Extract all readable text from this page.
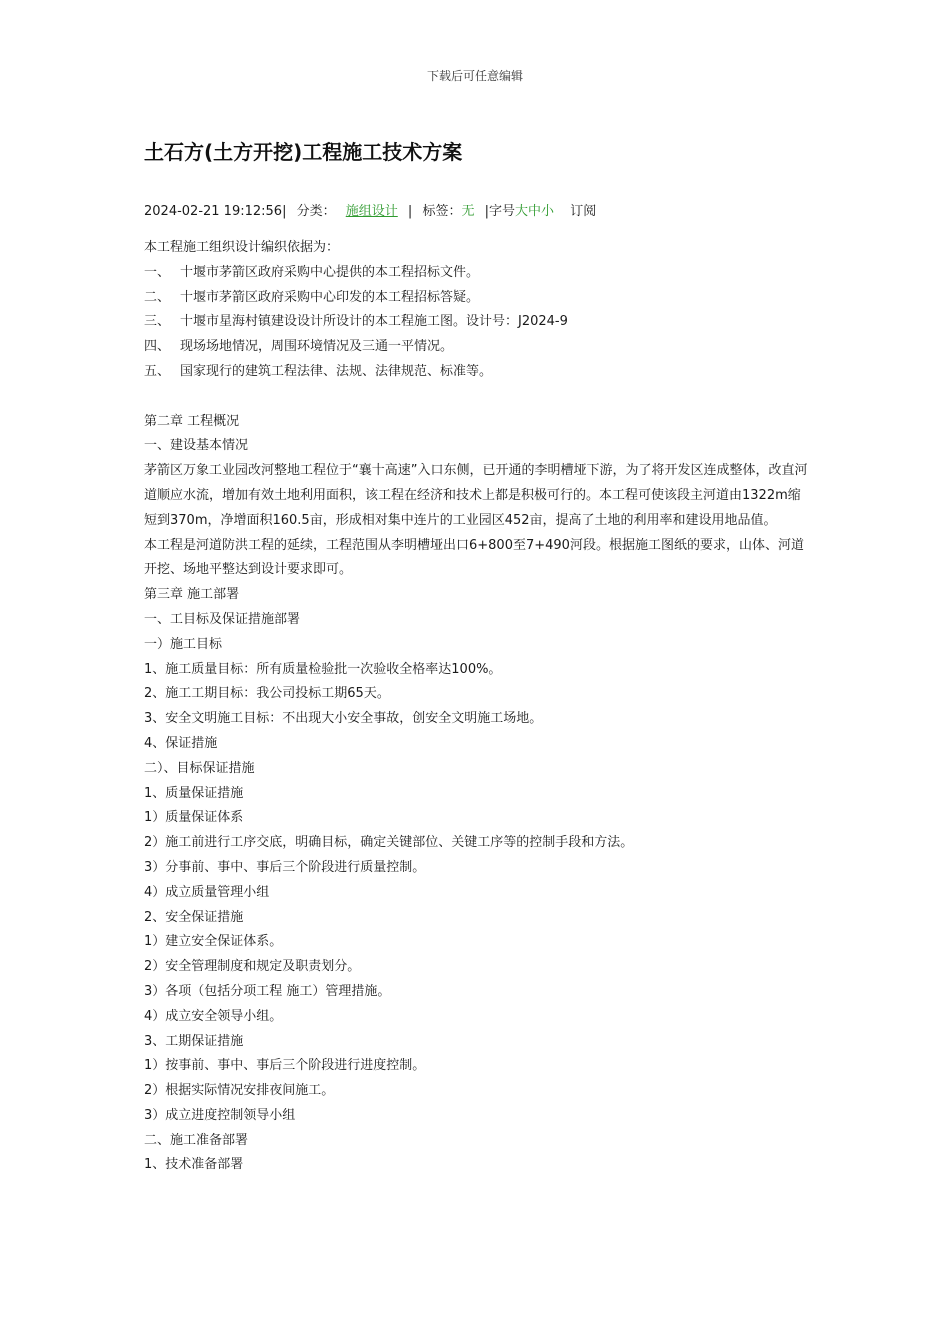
下载后可任意编辑
土石方(土方开挖)工程施工技术方案
2024-02-21 19:12:56| 分类： 施组设计 | 标签：无 |字号大中小 订阅

本工程施工组织设计编织依据为：

一、 十堰市茅箭区政府采购中心提供的本工程招标文件。

二、 十堰市茅箭区政府采购中心印发的本工程招标答疑。

三、 十堰市星海村镇建设设计所设计的本工程施工图。设计号：J2024-9

四、 现场场地情况，周围环境情况及三通一平情况。

五、 国家现行的建筑工程法律、法规、法律规范、标准等。

第二章 工程概况

一、建设基本情况

茅箭区万象工业园改河整地工程位于“襄十高速”入口东侧，已开通的李明槽垭下游，为了将开发区连成整体，改直河道顺应水流，增加有效土地利用面积，该工程在经济和技术上都是积极可行的。本工程可使该段主河道由1322m缩短到370m，净增面积160.5亩，形成相对集中连片的工业园区452亩，提高了土地的利用率和建设用地品值。

本工程是河道防洪工程的延续，工程范围从李明槽垭出口6+800至7+490河段。根据施工图纸的要求，山体、河道开挖、场地平整达到设计要求即可。

第三章 施工部署

一、工目标及保证措施部署

一）施工目标

1、施工质量目标：所有质量检验批一次验收全格率达100%。

2、施工工期目标：我公司投标工期65天。

3、安全文明施工目标：不出现大小安全事故，创安全文明施工场地。

4、保证措施

二）、目标保证措施

1、质量保证措施

1）质量保证体系

2）施工前进行工序交底，明确目标，确定关键部位、关键工序等的控制手段和方法。

3）分事前、事中、事后三个阶段进行质量控制。

4）成立质量管理小组

2、安全保证措施

1）建立安全保证体系。

2）安全管理制度和规定及职责划分。

3）各项（包括分项工程 施工）管理措施。

4）成立安全领导小组。

3、工期保证措施

1）按事前、事中、事后三个阶段进行进度控制。

2）根据实际情况安排夜间施工。

3）成立进度控制领导小组

二、施工准备部署

1、技术准备部署
